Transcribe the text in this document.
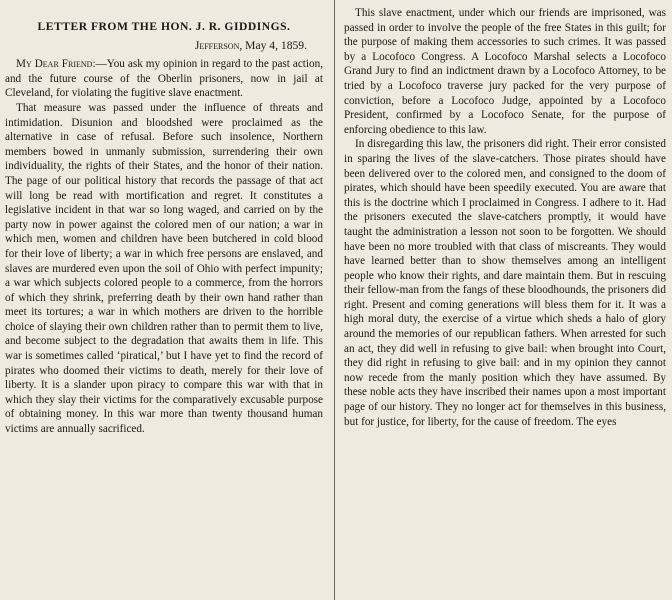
LETTER FROM THE HON. J. R. GIDDINGS.
Jefferson, May 4, 1859.

My Dear Friend:—You ask my opinion in regard to the past action, and the future course of the Oberlin prisoners, now in jail at Cleveland, for violating the fugitive slave enactment.

That measure was passed under the influence of threats and intimidation. Disunion and bloodshed were proclaimed as the alternative in case of refusal. Before such insolence, Northern members bowed in unmanly submission, surrendering their own individuality, the rights of their States, and the honor of their nation. The page of our political history that records the passage of that act will long be read with mortification and regret. It constitutes a legislative incident in that war so long waged, and carried on by the party now in power against the colored men of our nation; a war in which men, women and children have been butchered in cold blood for their love of liberty; a war in which free persons are enslaved, and slaves are murdered even upon the soil of Ohio with perfect impunity; a war which subjects colored people to a commerce, from the horrors of which they shrink, preferring death by their own hand rather than meet its tortures; a war in which mothers are driven to the horrible choice of slaying their own children rather than to permit them to live, and become subject to the degradation that awaits them in life. This war is sometimes called ‘piratical,’ but I have yet to find the record of pirates who doomed their victims to death, merely for their love of liberty. It is a slander upon piracy to compare this war with that in which they slay their victims for the comparatively excusable purpose of obtaining money. In this war more than twenty thousand human victims are annually sacrificed.

This slave enactment, under which our friends are imprisoned, was passed in order to involve the people of the free States in this guilt; for the purpose of making them accessories to such crimes. It was passed by a Locofoco Congress. A Locofoco Marshal selects a Locofoco Grand Jury to find an indictment drawn by a Locofoco Attorney, to be tried by a Locofoco traverse jury packed for the very purpose of conviction, before a Locofoco Judge, appointed by a Locofoco President, confirmed by a Locofoco Senate, for the purpose of enforcing obedience to this law.

In disregarding this law, the prisoners did right. Their error consisted in sparing the lives of the slave-catchers. Those pirates should have been delivered over to the colored men, and consigned to the doom of pirates, which should have been speedily executed. You are aware that this is the doctrine which I proclaimed in Congress. I adhere to it. Had the prisoners executed the slave-catchers promptly, it would have taught the administration a lesson not soon to be forgotten. We should have been no more troubled with that class of miscreants. They would have learned better than to show themselves among an intelligent people who know their rights, and dare maintain them. But in rescuing their fellow-man from the fangs of these bloodhounds, the prisoners did right. Present and coming generations will bless them for it. It was a high moral duty, the exercise of a virtue which sheds a halo of glory around the memories of our republican fathers. When arrested for such an act, they did well in refusing to give bail: when brought into Court, they did right in refusing to give bail: and in my opinion they cannot now recede from the manly position which they have assumed. By these noble acts they have inscribed their names upon a most important page of our history. They no longer act for themselves in this business, but for justice, for liberty, for the cause of freedom. The eyes
